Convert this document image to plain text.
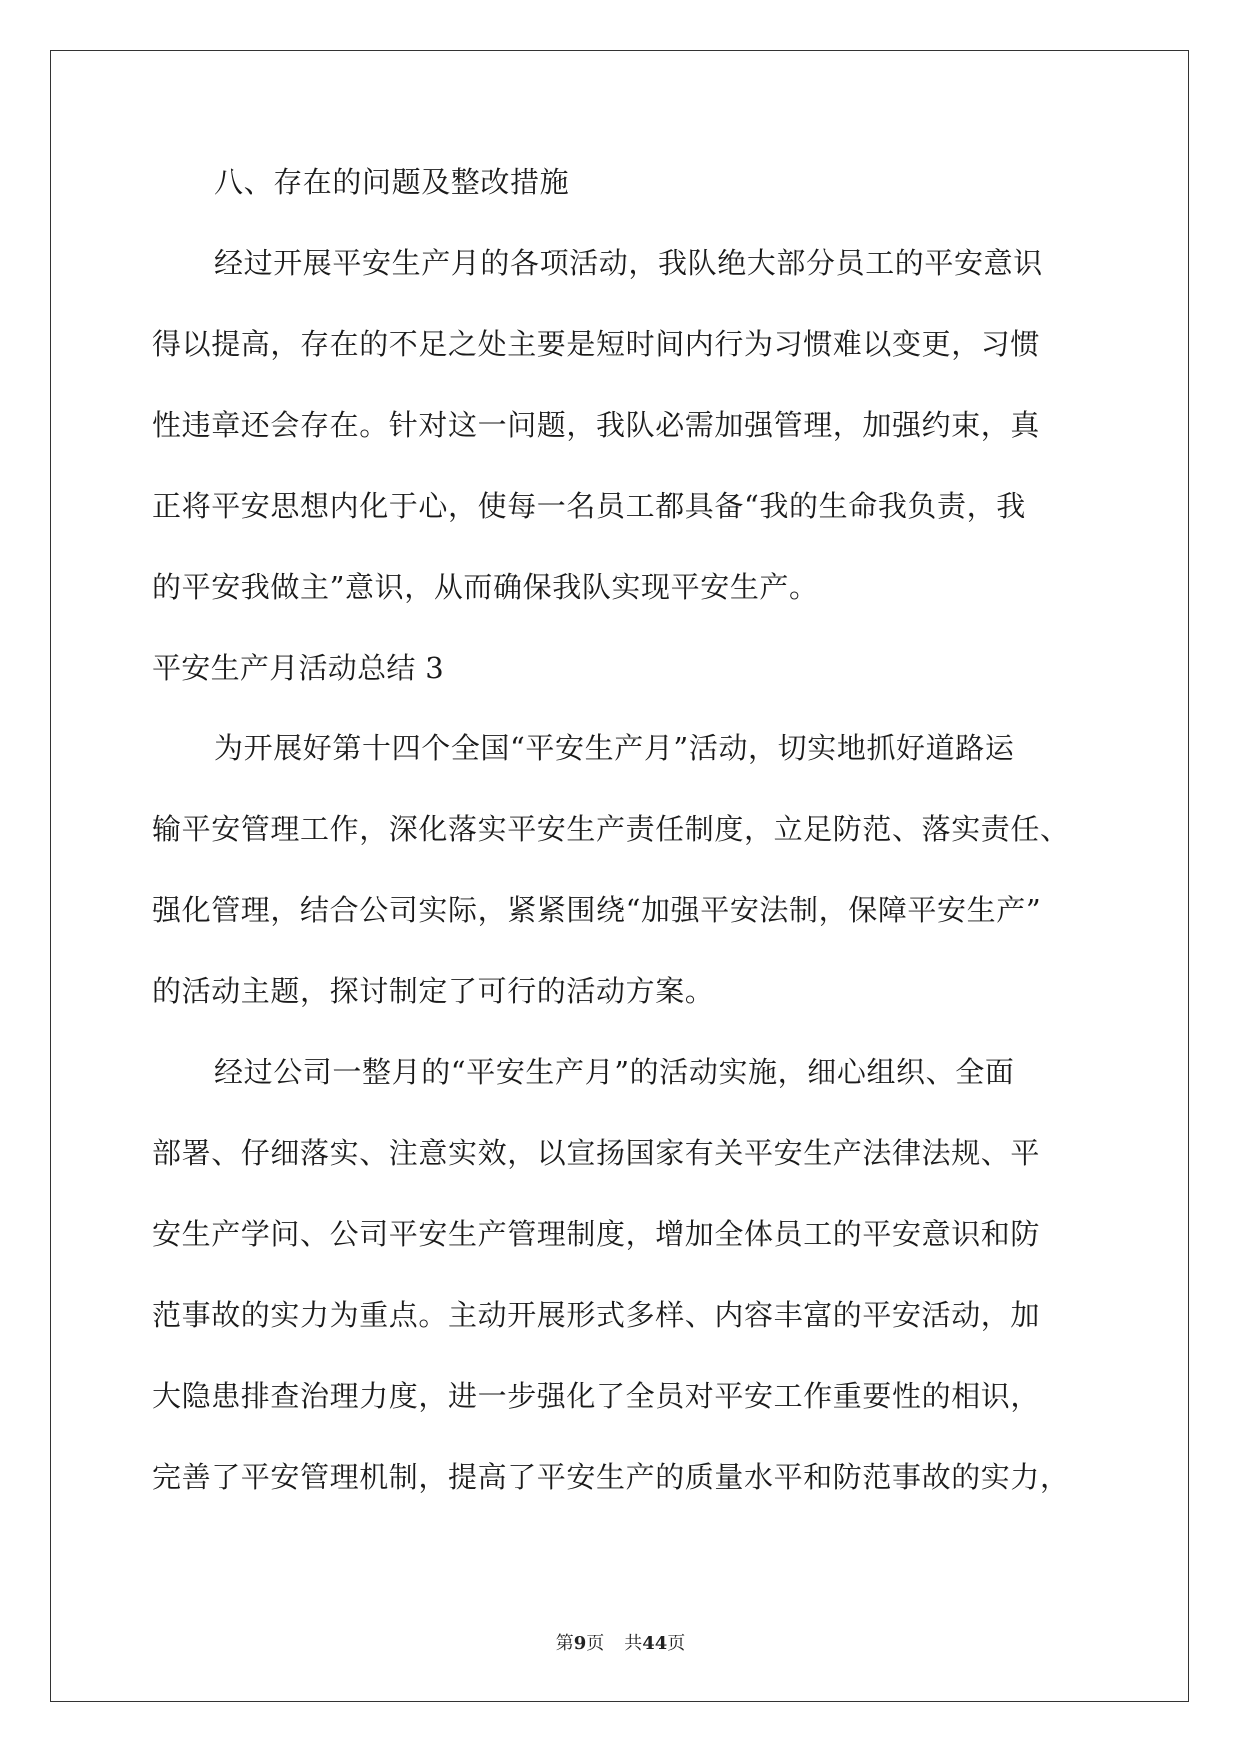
八、存在的问题及整改措施
经过开展平安生产月的各项活动，我队绝大部分员工的平安意识
得以提高，存在的不足之处主要是短时间内行为习惯难以变更，习惯
性违章还会存在。针对这一问题，我队必需加强管理，加强约束，真
正将平安思想内化于心，使每一名员工都具备“我的生命我负责，我
的平安我做主”意识，从而确保我队实现平安生产。
平安生产月活动总结 3
为开展好第十四个全国“平安生产月”活动，切实地抓好道路运
输平安管理工作，深化落实平安生产责任制度，立足防范、落实责任、
强化管理，结合公司实际，紧紧围绕“加强平安法制，保障平安生产”
的活动主题，探讨制定了可行的活动方案。
经过公司一整月的“平安生产月”的活动实施，细心组织、全面
部署、仔细落实、注意实效，以宣扬国家有关平安生产法律法规、平
安生产学问、公司平安生产管理制度，增加全体员工的平安意识和防
范事故的实力为重点。主动开展形式多样、内容丰富的平安活动，加
大隐患排查治理力度，进一步强化了全员对平安工作重要性的相识，
完善了平安管理机制，提高了平安生产的质量水平和防范事故的实力，
第9页 共44页
